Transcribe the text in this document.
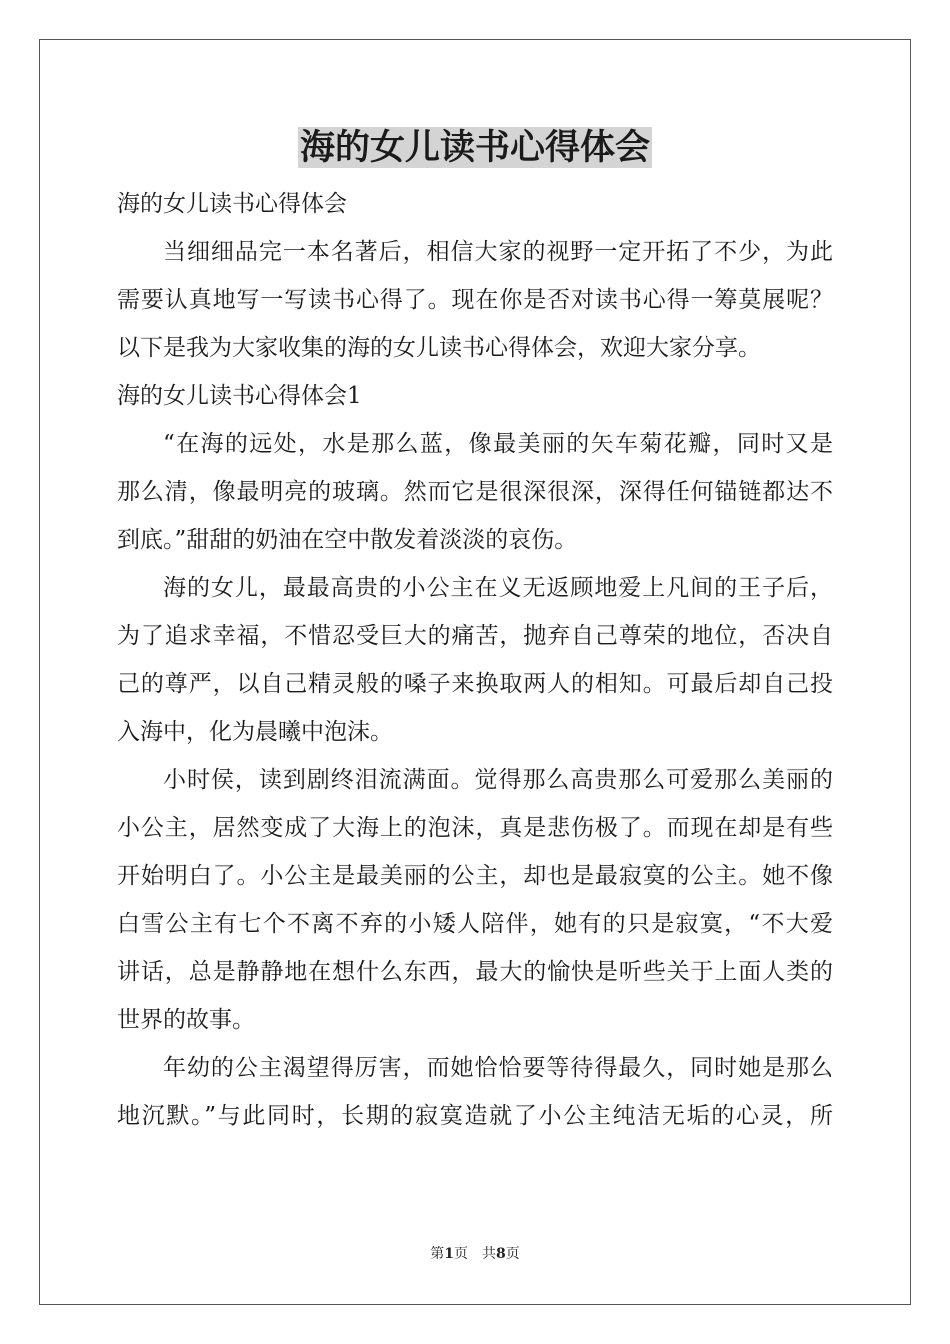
海的女儿读书心得体会
海的女儿读书心得体会
当细细品完一本名著后，相信大家的视野一定开拓了不少，为此
需要认真地写一写读书心得了。现在你是否对读书心得一筹莫展呢？
以下是我为大家收集的海的女儿读书心得体会，欢迎大家分享。
海的女儿读书心得体会1
“在海的远处，水是那么蓝，像最美丽的矢车菊花瓣，同时又是
那么清，像最明亮的玻璃。然而它是很深很深，深得任何锚链都达不
到底。”甜甜的奶油在空中散发着淡淡的哀伤。
海的女儿，最最高贵的小公主在义无返顾地爱上凡间的王子后，
为了追求幸福，不惜忍受巨大的痛苦，抛弃自己尊荣的地位，否决自
己的尊严，以自己精灵般的嗓子来换取两人的相知。可最后却自己投
入海中，化为晨曦中泡沫。
小时侯，读到剧终泪流满面。觉得那么高贵那么可爱那么美丽的
小公主，居然变成了大海上的泡沫，真是悲伤极了。而现在却是有些
开始明白了。小公主是最美丽的公主，却也是最寂寞的公主。她不像
白雪公主有七个不离不弃的小矮人陪伴，她有的只是寂寞，“不大爱
讲话，总是静静地在想什么东西，最大的愉快是听些关于上面人类的
世界的故事。
年幼的公主渴望得厉害，而她恰恰要等待得最久，同时她是那么
地沉默。”与此同时，长期的寂寞造就了小公主纯洁无垢的心灵，所
第1页　共8页
